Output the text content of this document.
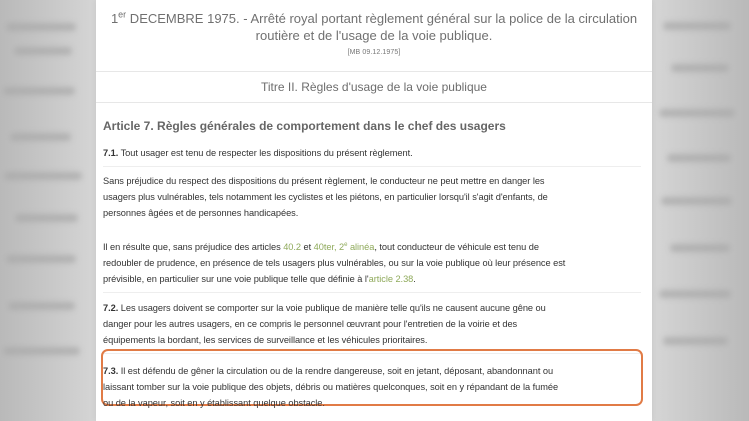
1er DECEMBRE 1975. - Arrêté royal portant règlement général sur la police de la circulation
routière et de l'usage de la voie publique.
[MB 09.12.1975]
Titre II. Règles d'usage de la voie publique
Article 7. Règles générales de comportement dans le chef des usagers

7.1. Tout usager est tenu de respecter les dispositions du présent règlement.

Sans préjudice du respect des dispositions du présent règlement, le conducteur ne peut mettre en danger les
usagers plus vulnérables, tels notamment les cyclistes et les piétons, en particulier lorsqu'il s'agit d'enfants, de
personnes âgées et de personnes handicapées.

Il en résulte que, sans préjudice des articles 40.2 et 40ter, 2e alinéa, tout conducteur de véhicule est tenu de
redoubler de prudence, en présence de tels usagers plus vulnérables, ou sur la voie publique où leur présence est
prévisible, en particulier sur une voie publique telle que définie à l'article 2.38.

7.2. Les usagers doivent se comporter sur la voie publique de manière telle qu'ils ne causent aucune gêne ou
danger pour les autres usagers, en ce compris le personnel œuvrant pour l'entretien de la voirie et des
équipements la bordant, les services de surveillance et les véhicules prioritaires.

7.3. Il est défendu de gêner la circulation ou de la rendre dangereuse, soit en jetant, déposant, abandonnant ou
laissant tomber sur la voie publique des objets, débris ou matières quelconques, soit en y répandant de la fumée
ou de la vapeur, soit en y établissant quelque obstacle.
